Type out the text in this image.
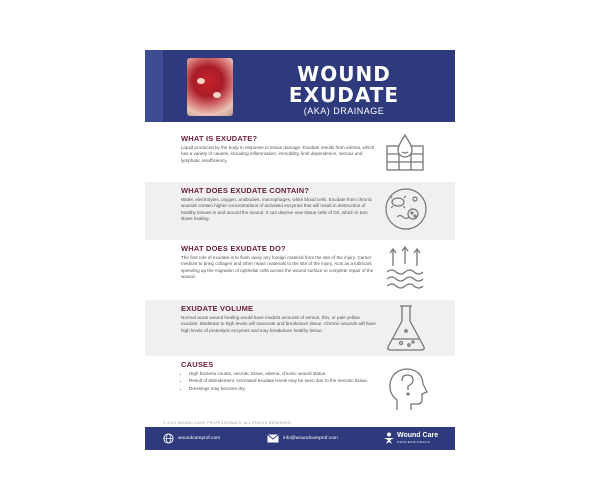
WOUND
EXUDATE
(AKA) DRAINAGE
WHAT IS EXUDATE?
Liquid produced by the body in response to tissue damage. Exudate results from edema, which has a variety of causes, including inflammation, immobility, limb dependence, venous and lymphatic insufficiency.
WHAT DOES EXUDATE CONTAIN?
Water, electrolytes, oxygen, antibodies, macrophages, white blood cells. Exudate from chronic wounds contain higher concentrations of activated enzymes that will result in destruction of healthy tissues in and around the wound. It can deprive new tissue cells of O2, which in turn slows healing.
WHAT DOES EXUDATE DO?
The first role of exudate is to flush away any foreign material from the site of the injury. Carrier medium to bring collagen and other repair materials to the site of the injury. Acts as a lubricant speeding up the migration of epithelial cells across the wound surface to complete repair of the wound.
EXUDATE VOLUME
Normal acute wound healing would have modest amounts of serous, thin, or pale yellow exudate. Moderate to high levels will macerate and breakdown tissue. Chronic wounds will have high levels of proteolytic enzymes and may breakdown healthy tissue.
CAUSES
• High bacteria counts, necrotic tissue, edema, chronic wound status.
• Result of debridement, increased exudate levels may be seen due to the necrotic tissue.
• Dressings may become dry.
© 2021 WOUND CARE PROFESSIONALS. ALL RIGHTS RESERVED.
woundcareprof.com	info@woundcareprof.com	Wound Care
PROFESSIONALS
